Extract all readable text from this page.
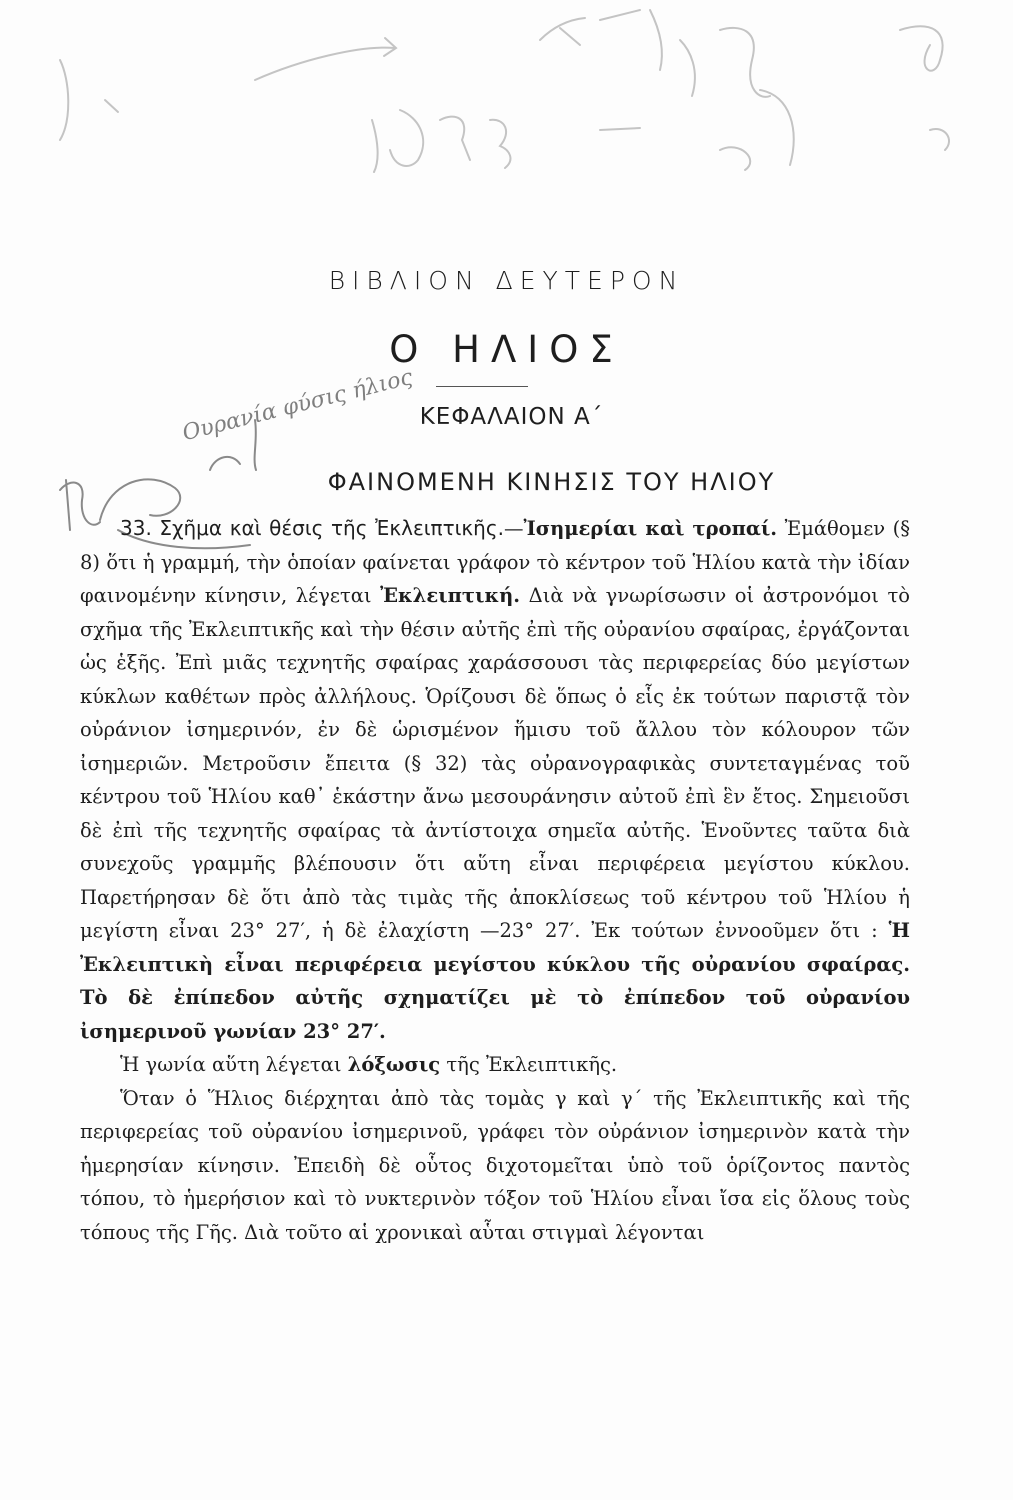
Ουρανία φύσις ήλιος
ΒΙΒΛΙΟΝ ΔΕΥΤΕΡΟΝ
Ο ΗΛΙΟΣ
ΚΕΦΑΛΑΙΟΝ Α΄
ΦΑΙΝΟΜΕΝΗ ΚΙΝΗΣΙΣ ΤΟΥ ΗΛΙΟΥ

33. Σχῆμα καὶ θέσις τῆς Ἐκλειπτικῆς.—Ἰσημερίαι καὶ τροπαί. Ἐμάθομεν (§ 8) ὅτι ἡ γραμμή, τὴν ὁποίαν φαίνεται γράφον τὸ κέντρον τοῦ Ἡλίου κατὰ τὴν ἰδίαν φαινομένην κίνησιν, λέγεται Ἐκλειπτική. Διὰ νὰ γνωρίσωσιν οἱ ἀστρονόμοι τὸ σχῆμα τῆς Ἐκλειπτικῆς καὶ τὴν θέσιν αὐτῆς ἐπὶ τῆς οὐρανίου σφαίρας, ἐργάζονται ὡς ἑξῆς. Ἐπὶ μιᾶς τεχνητῆς σφαίρας χαράσσουσι τὰς περιφερείας δύο μεγίστων κύκλων καθέτων πρὸς ἀλλήλους. Ὁρίζουσι δὲ ὅπως ὁ εἷς ἐκ τούτων παριστᾷ τὸν οὐράνιον ἰσημερινόν, ἐν δὲ ὡρισμένον ἥμισυ τοῦ ἄλλου τὸν κόλουρον τῶν ἰσημεριῶν. Μετροῦσιν ἔπειτα (§ 32) τὰς οὐρανογραφικὰς συντεταγμένας τοῦ κέντρου τοῦ Ἡλίου καθ᾽ ἑκάστην ἄνω μεσουράνησιν αὐτοῦ ἐπὶ ἓν ἔτος. Σημειοῦσι δὲ ἐπὶ τῆς τεχνητῆς σφαίρας τὰ ἀντίστοιχα σημεῖα αὐτῆς. Ἑνοῦντες ταῦτα διὰ συνεχοῦς γραμμῆς βλέπουσιν ὅτι αὕτη εἶναι περιφέρεια μεγίστου κύκλου. Παρετήρησαν δὲ ὅτι ἀπὸ τὰς τιμὰς τῆς ἀποκλίσεως τοῦ κέντρου τοῦ Ἡλίου ἡ μεγίστη εἶναι 23° 27′, ἡ δὲ ἐλαχίστη —23° 27′. Ἐκ τούτων ἐννοοῦμεν ὅτι : Ἡ Ἐκλειπτικὴ εἶναι περιφέρεια μεγίστου κύκλου τῆς οὐρανίου σφαίρας. Τὸ δὲ ἐπίπεδον αὐτῆς σχηματίζει μὲ τὸ ἐπίπεδον τοῦ οὐρανίου ἰσημερινοῦ γωνίαν 23° 27′.

Ἡ γωνία αὕτη λέγεται λόξωσις τῆς Ἐκλειπτικῆς.

Ὅταν ὁ Ἥλιος διέρχηται ἀπὸ τὰς τομὰς γ καὶ γ΄ τῆς Ἐκλειπτικῆς καὶ τῆς περιφερείας τοῦ οὐρανίου ἰσημερινοῦ, γράφει τὸν οὐράνιον ἰσημερινὸν κατὰ τὴν ἡμερησίαν κίνησιν. Ἐπειδὴ δὲ οὗτος διχοτομεῖται ὑπὸ τοῦ ὁρίζοντος παντὸς τόπου, τὸ ἡμερήσιον καὶ τὸ νυκτερινὸν τόξον τοῦ Ἡλίου εἶναι ἴσα εἰς ὅλους τοὺς τόπους τῆς Γῆς. Διὰ τοῦτο αἱ χρονικαὶ αὗται στιγμαὶ λέγονται
